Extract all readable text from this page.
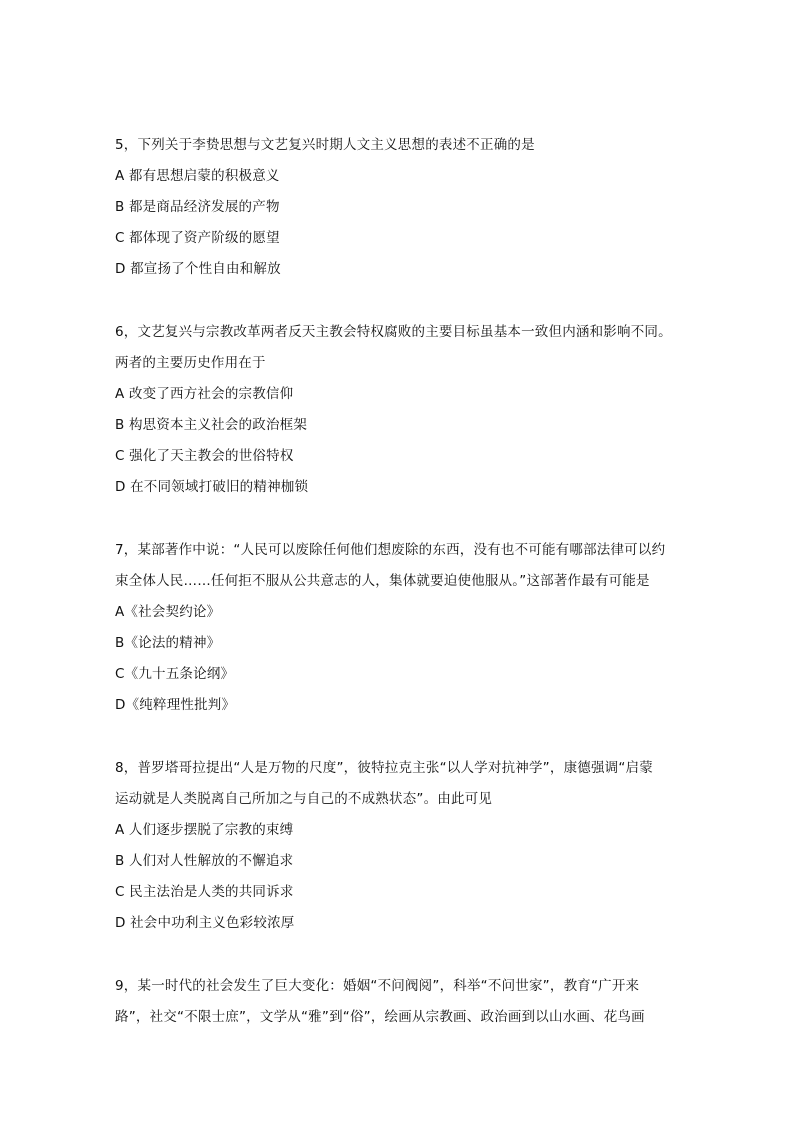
5，下列关于李贽思想与文艺复兴时期人文主义思想的表述不正确的是
A 都有思想启蒙的积极意义
B 都是商品经济发展的产物
C 都体现了资产阶级的愿望
D 都宣扬了个性自由和解放
6，文艺复兴与宗教改革两者反天主教会特权腐败的主要目标虽基本一致但内涵和影响不同。
两者的主要历史作用在于
A 改变了西方社会的宗教信仰
B 构思资本主义社会的政治框架
C 强化了天主教会的世俗特权
D 在不同领域打破旧的精神枷锁
7，某部著作中说：“人民可以废除任何他们想废除的东西，没有也不可能有哪部法律可以约
束全体人民……任何拒不服从公共意志的人，集体就要迫使他服从。”这部著作最有可能是
A《社会契约论》
B《论法的精神》
C《九十五条论纲》
D《纯粹理性批判》
8，普罗塔哥拉提出“人是万物的尺度”，彼特拉克主张“以人学对抗神学”，康德强调“启蒙
运动就是人类脱离自己所加之与自己的不成熟状态”。由此可见
A 人们逐步摆脱了宗教的束缚
B 人们对人性解放的不懈追求
C 民主法治是人类的共同诉求
D 社会中功利主义色彩较浓厚
9，某一时代的社会发生了巨大变化：婚姻“不问阀阅”，科举“不问世家”，教育“广开来
路”，社交“不限士庶”，文学从“雅”到“俗”，绘画从宗教画、政治画到以山水画、花鸟画
